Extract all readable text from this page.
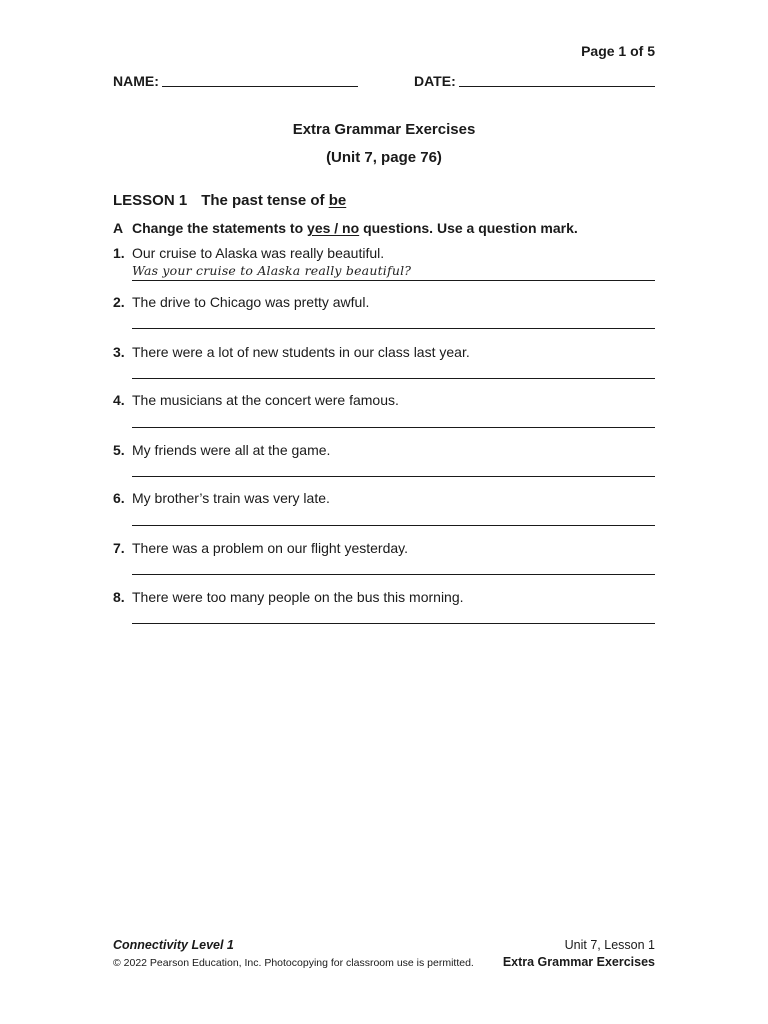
Page 1 of 5
NAME:	DATE:
Extra Grammar Exercises
(Unit 7, page 76)
LESSON 1 The past tense of be
A Change the statements to yes / no questions. Use a question mark.
1. Our cruise to Alaska was really beautiful.
Was your cruise to Alaska really beautiful?
2. The drive to Chicago was pretty awful.
3. There were a lot of new students in our class last year.
4. The musicians at the concert were famous.
5. My friends were all at the game.
6. My brother’s train was very late.
7. There was a problem on our flight yesterday.
8. There were too many people on the bus this morning.
Connectivity Level 1
© 2022 Pearson Education, Inc. Photocopying for classroom use is permitted.
Unit 7, Lesson 1
Extra Grammar Exercises
